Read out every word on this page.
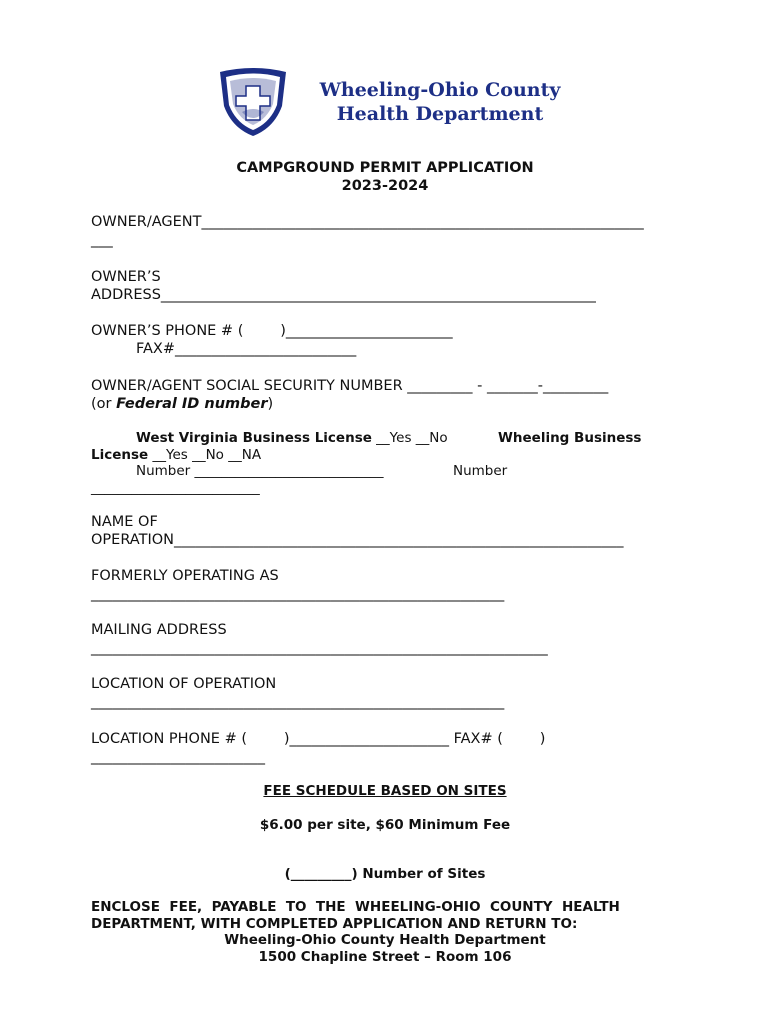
Wheeling-Ohio County
Health Department
CAMPGROUND PERMIT APPLICATION
2023-2024
OWNER/AGENT_____________________________________________________________
___
OWNER’S
ADDRESS____________________________________________________________
OWNER’S PHONE # (        )_______________________
FAX#_________________________
OWNER/AGENT SOCIAL SECURITY NUMBER _________ - _______-_________
(or Federal ID number)
West Virginia Business License __Yes __No	Wheeling Business
License __Yes __No __NA
Number ____________________________	Number
_________________________
NAME OF
OPERATION______________________________________________________________
FORMERLY OPERATING AS
_________________________________________________________
MAILING ADDRESS
_______________________________________________________________
LOCATION OF OPERATION
_________________________________________________________
LOCATION PHONE # (        )______________________ FAX# (        )
________________________
FEE SCHEDULE BASED ON SITES
$6.00 per site, $60 Minimum Fee
(_________) Number of Sites
ENCLOSE  FEE,  PAYABLE  TO  THE  WHEELING-OHIO  COUNTY  HEALTH
DEPARTMENT, WITH COMPLETED APPLICATION AND RETURN TO:
Wheeling-Ohio County Health Department
1500 Chapline Street – Room 106
